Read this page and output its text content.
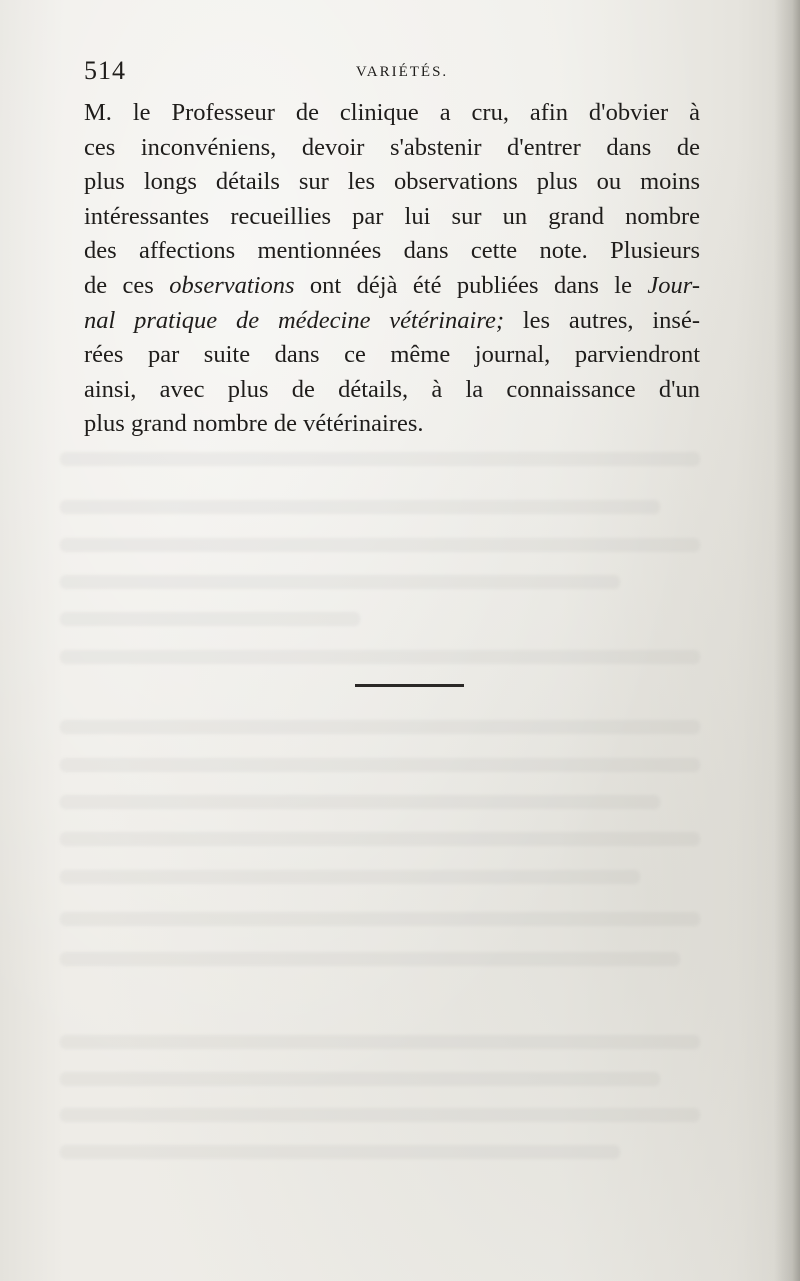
514	VARIÉTÉS.
M. le Professeur de clinique a cru, afin d'obvier à
ces inconvéniens, devoir s'abstenir d'entrer dans de
plus longs détails sur les observations plus ou moins
intéressantes recueillies par lui sur un grand nombre
des affections mentionnées dans cette note. Plusieurs
de ces observations ont déjà été publiées dans le Jour-
nal pratique de médecine vétérinaire; les autres, insé-
rées par suite dans ce même journal, parviendront
ainsi, avec plus de détails, à la connaissance d'un
plus grand nombre de vétérinaires.
